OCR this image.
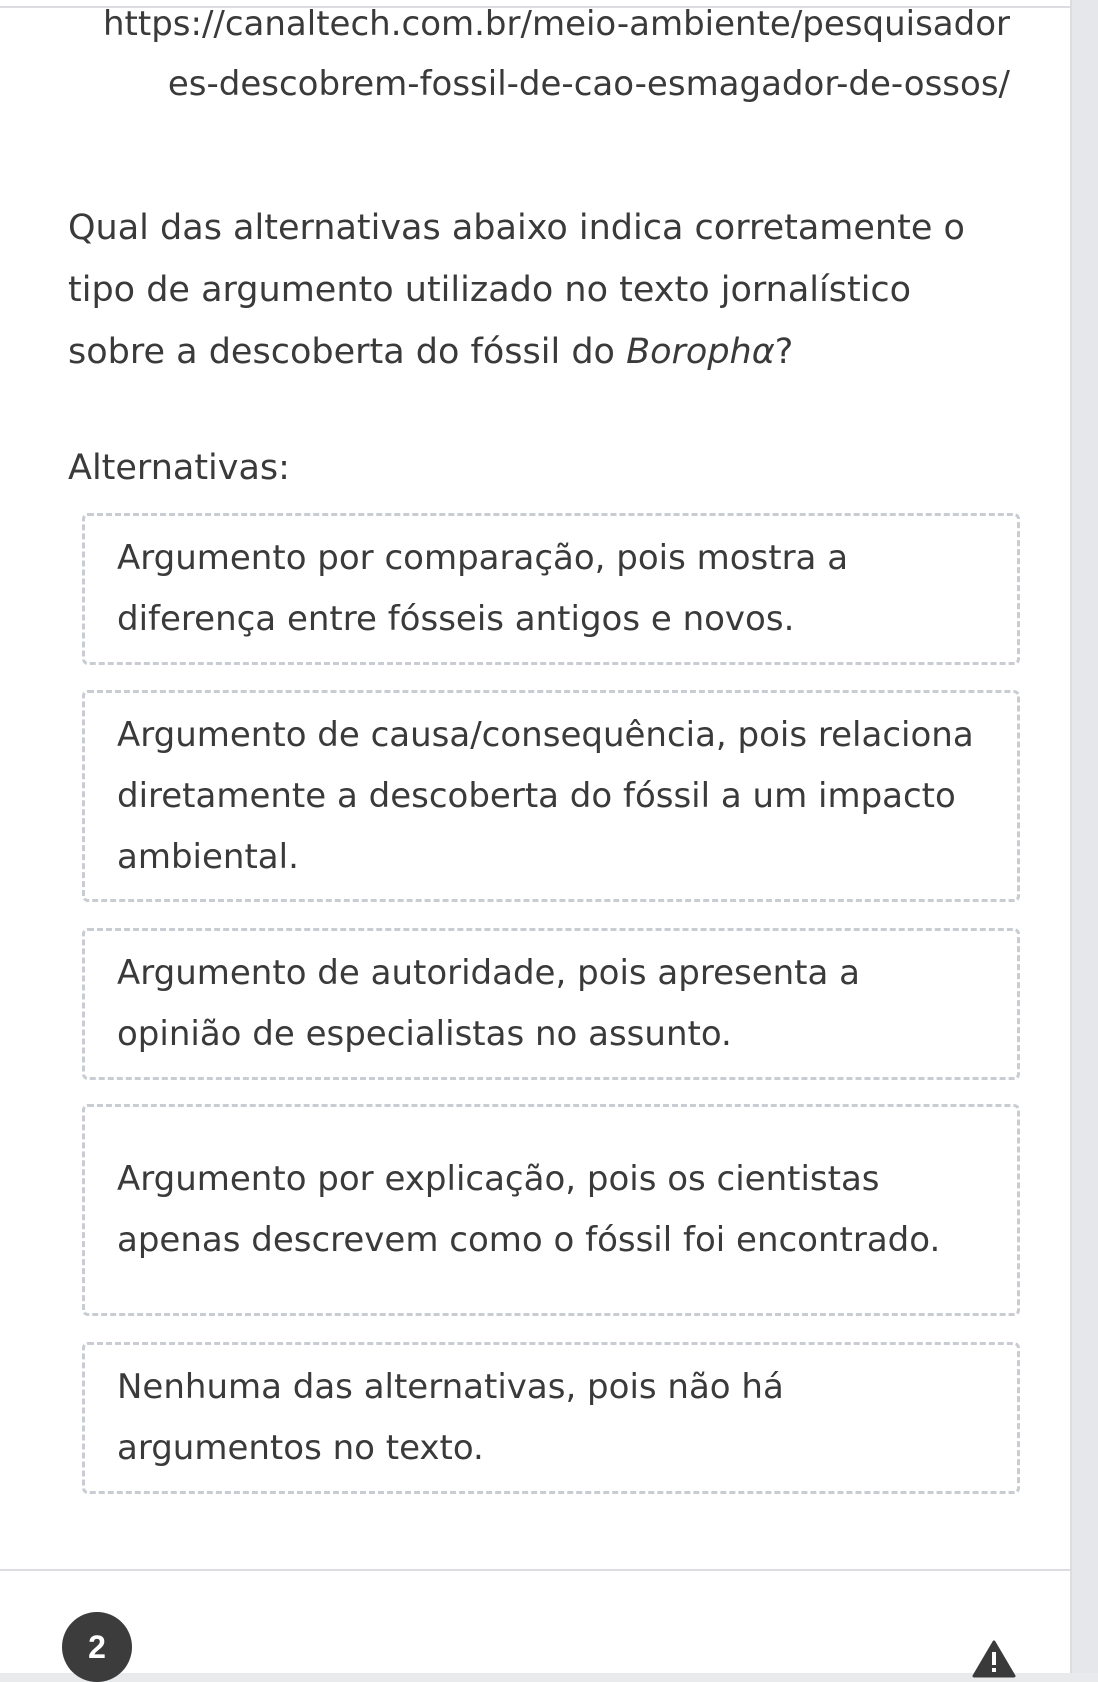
https://canaltech.com.br/meio-ambiente/pesquisadores-descobrem-fossil-de-cao-esmagador-de-ossos/
Qual das alternativas abaixo indica corretamente o tipo de argumento utilizado no texto jornalístico sobre a descoberta do fóssil do Borophα?
Alternativas:
Argumento por comparação, pois mostra a diferença entre fósseis antigos e novos.
Argumento de causa/consequência, pois relaciona diretamente a descoberta do fóssil a um impacto ambiental.
Argumento de autoridade, pois apresenta a opinião de especialistas no assunto.
Argumento por explicação, pois os cientistas apenas descrevem como o fóssil foi encontrado.
Nenhuma das alternativas, pois não há argumentos no texto.
2
